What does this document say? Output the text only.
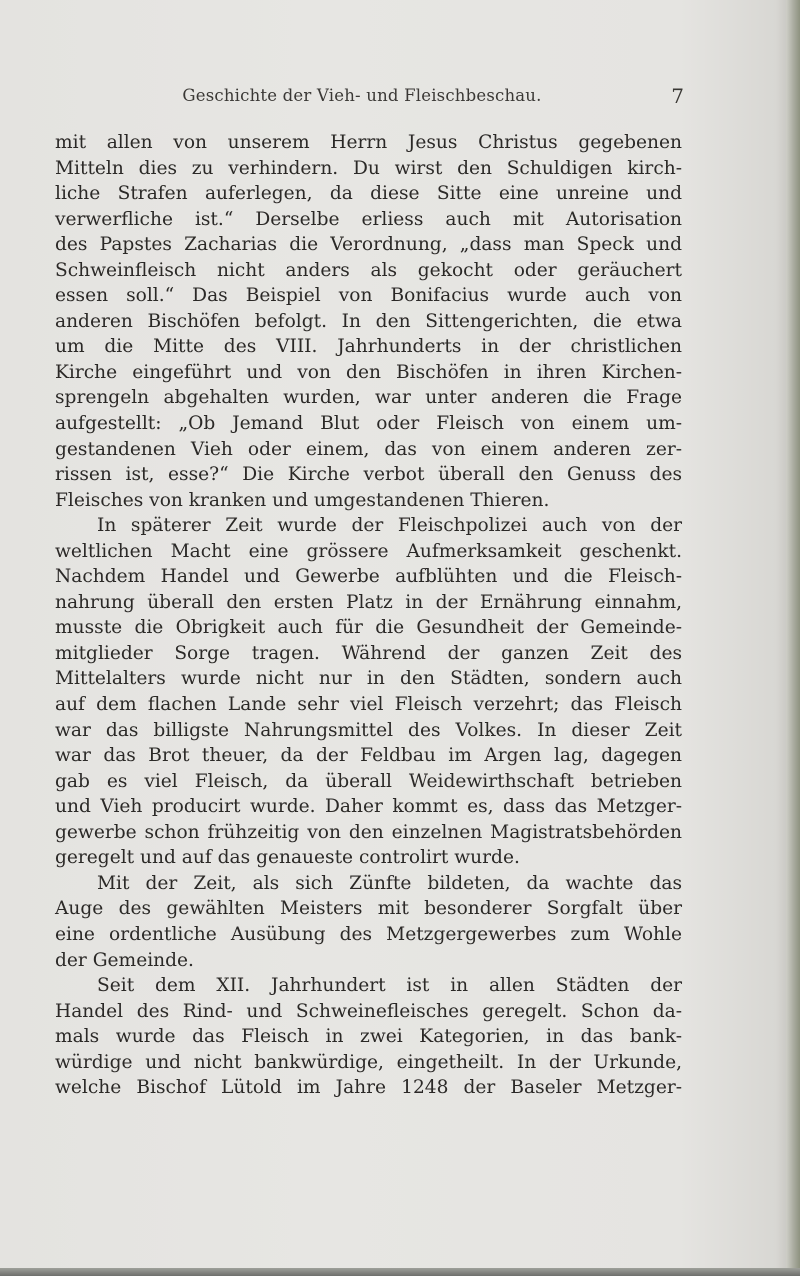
Geschichte der Vieh- und Fleischbeschau.	7
mit allen von unserem Herrn Jesus Christus gegebenen
Mitteln dies zu verhindern. Du wirst den Schuldigen kirch-
liche Strafen auferlegen, da diese Sitte eine unreine und
verwerfliche ist.“ Derselbe erliess auch mit Autorisation
des Papstes Zacharias die Verordnung, „dass man Speck und
Schweinfleisch nicht anders als gekocht oder geräuchert
essen soll.“ Das Beispiel von Bonifacius wurde auch von
anderen Bischöfen befolgt. In den Sittengerichten, die etwa
um die Mitte des VIII. Jahrhunderts in der christlichen
Kirche eingeführt und von den Bischöfen in ihren Kirchen-
sprengeln abgehalten wurden, war unter anderen die Frage
aufgestellt: „Ob Jemand Blut oder Fleisch von einem um-
gestandenen Vieh oder einem, das von einem anderen zer-
rissen ist, esse?“ Die Kirche verbot überall den Genuss des
Fleisches von kranken und umgestandenen Thieren.
In späterer Zeit wurde der Fleischpolizei auch von der
weltlichen Macht eine grössere Aufmerksamkeit geschenkt.
Nachdem Handel und Gewerbe aufblühten und die Fleisch-
nahrung überall den ersten Platz in der Ernährung einnahm,
musste die Obrigkeit auch für die Gesundheit der Gemeinde-
mitglieder Sorge tragen. Während der ganzen Zeit des
Mittelalters wurde nicht nur in den Städten, sondern auch
auf dem flachen Lande sehr viel Fleisch verzehrt; das Fleisch
war das billigste Nahrungsmittel des Volkes. In dieser Zeit
war das Brot theuer, da der Feldbau im Argen lag, dagegen
gab es viel Fleisch, da überall Weidewirthschaft betrieben
und Vieh producirt wurde. Daher kommt es, dass das Metzger-
gewerbe schon frühzeitig von den einzelnen Magistratsbehörden
geregelt und auf das genaueste controlirt wurde.
Mit der Zeit, als sich Zünfte bildeten, da wachte das
Auge des gewählten Meisters mit besonderer Sorgfalt über
eine ordentliche Ausübung des Metzgergewerbes zum Wohle
der Gemeinde.
Seit dem XII. Jahrhundert ist in allen Städten der
Handel des Rind- und Schweinefleisches geregelt. Schon da-
mals wurde das Fleisch in zwei Kategorien, in das bank-
würdige und nicht bankwürdige, eingetheilt. In der Urkunde,
welche Bischof Lütold im Jahre 1248 der Baseler Metzger-
